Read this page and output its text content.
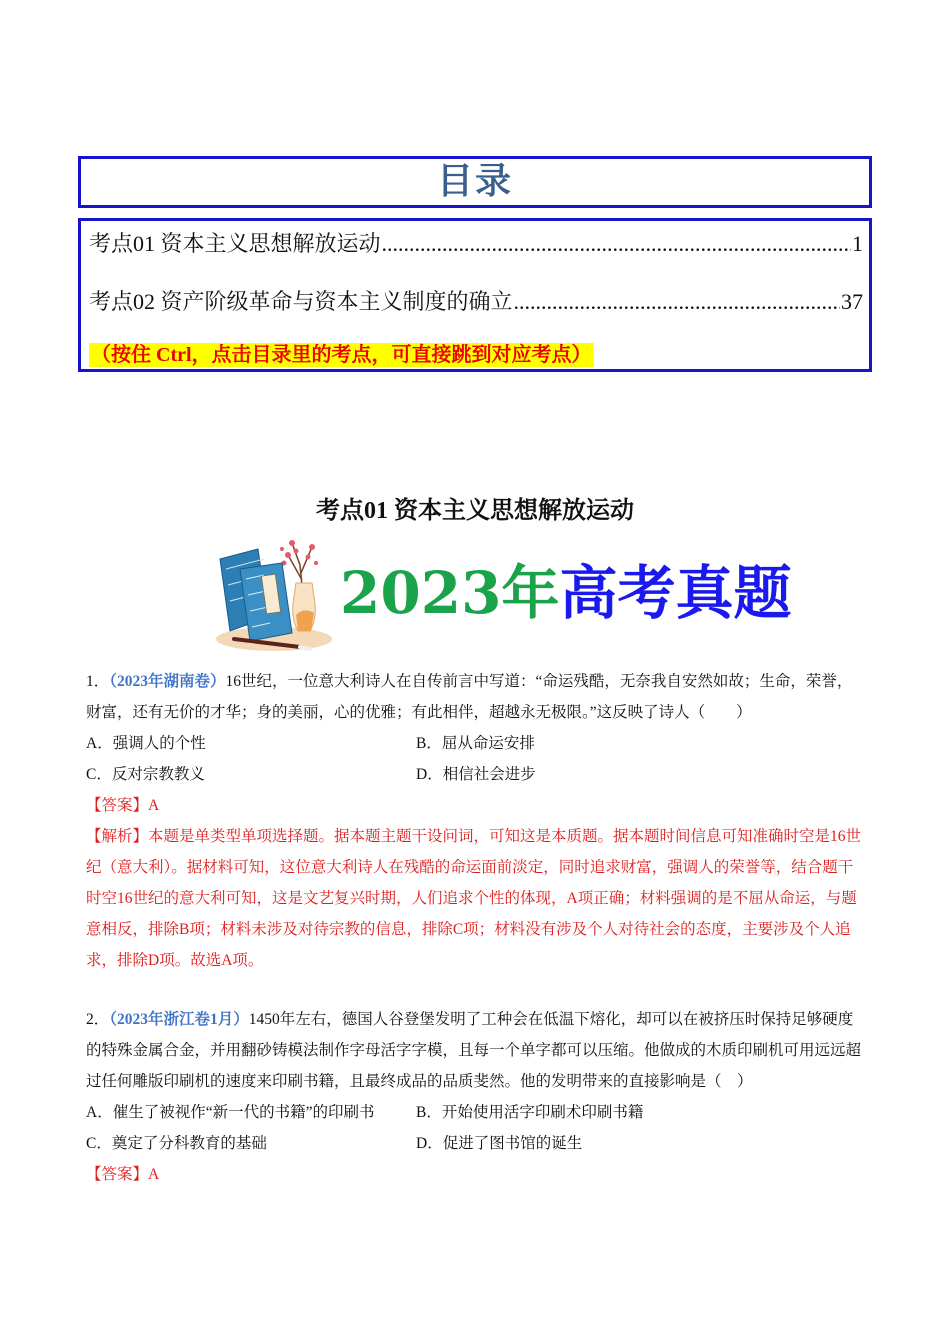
目录
考点01 资本主义思想解放运动 .....	1
考点02 资产阶级革命与资本主义制度的确立 .....	37
（按住 Ctrl，点击目录里的考点，可直接跳到对应考点）
考点01 资本主义思想解放运动
2023年高考真题

1．（2023年湖南卷）16世纪，一位意大利诗人在自传前言中写道：“命运残酷，无奈我自安然如故；生命，荣誉，财富，还有无价的才华；身的美丽，心的优雅；有此相伴，超越永无极限。”这反映了诗人（　　）

A．强调人的个性	B．屈从命运安排
C．反对宗教教义	D．相信社会进步

【答案】A

【解析】本题是单类型单项选择题。据本题主题干设问词，可知这是本质题。据本题时间信息可知准确时空是16世纪（意大利）。据材料可知，这位意大利诗人在残酷的命运面前淡定，同时追求财富，强调人的荣誉等，结合题干时空16世纪的意大利可知，这是文艺复兴时期，人们追求个性的体现，A项正确；材料强调的是不屈从命运，与题意相反，排除B项；材料未涉及对待宗教的信息，排除C项；材料没有涉及个人对待社会的态度，主要涉及个人追求，排除D项。故选A项。

2．（2023年浙江卷1月）1450年左右，德国人谷登堡发明了工种会在低温下熔化，却可以在被挤压时保持足够硬度的特殊金属合金，并用翻砂铸模法制作字母活字字模，且每一个单字都可以压缩。他做成的木质印刷机可用远远超过任何雕版印刷机的速度来印刷书籍，且最终成品的品质斐然。他的发明带来的直接影响是（　）

A．催生了被视作“新一代的书籍”的印刷书	B．开始使用活字印刷术印刷书籍
C．奠定了分科教育的基础	D．促进了图书馆的诞生

【答案】A
